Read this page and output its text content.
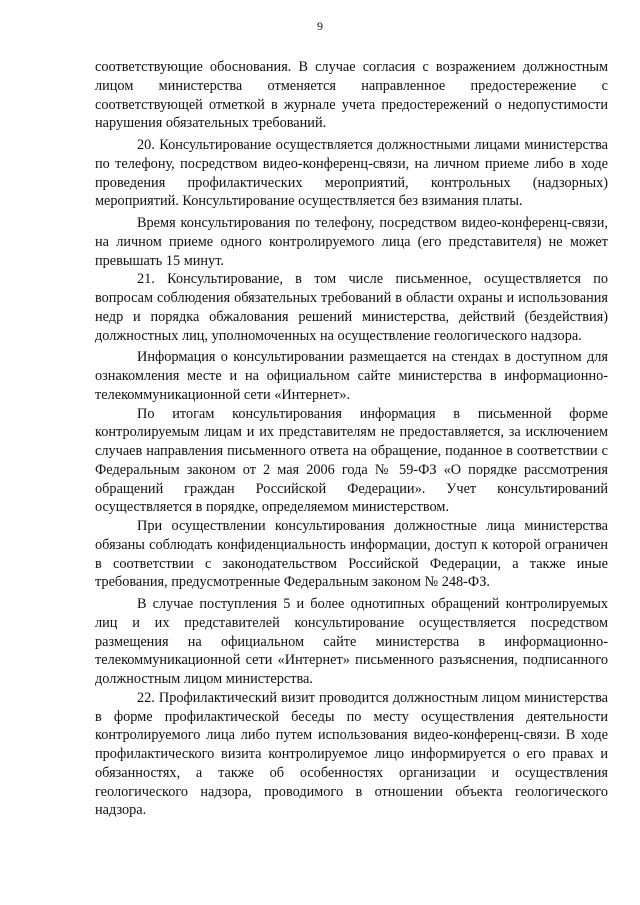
9

соответствующие обоснования. В случае согласия с возражением должностным лицом министерства отменяется направленное предостережение с соответствующей отметкой в журнале учета предостережений о недопустимости нарушения обязательных требований.

20. Консультирование осуществляется должностными лицами министерства по телефону, посредством видео-конференц-связи, на личном приеме либо в ходе проведения профилактических мероприятий, контрольных (надзорных) мероприятий. Консультирование осуществляется без взимания платы.

Время консультирования по телефону, посредством видео-конференц-связи, на личном приеме одного контролируемого лица (его представителя) не может превышать 15 минут.

21. Консультирование, в том числе письменное, осуществляется по вопросам соблюдения обязательных требований в области охраны и использования недр и порядка обжалования решений министерства, действий (бездействия) должностных лиц, уполномоченных на осуществление геологического надзора.

Информация о консультировании размещается на стендах в доступном для ознакомления месте и на официальном сайте министерства в информационно-телекоммуникационной сети «Интернет».

По итогам консультирования информация в письменной форме контролируемым лицам и их представителям не предоставляется, за исключением случаев направления письменного ответа на обращение, поданное в соответствии с Федеральным законом от 2 мая 2006 года № 59-ФЗ «О порядке рассмотрения обращений граждан Российской Федерации». Учет консультирований осуществляется в порядке, определяемом министерством.

При осуществлении консультирования должностные лица министерства обязаны соблюдать конфиденциальность информации, доступ к которой ограничен в соответствии с законодательством Российской Федерации, а также иные требования, предусмотренные Федеральным законом № 248-ФЗ.

В случае поступления 5 и более однотипных обращений контролируемых лиц и их представителей консультирование осуществляется посредством размещения на официальном сайте министерства в информационно-телекоммуникационной сети «Интернет» письменного разъяснения, подписанного должностным лицом министерства.

22. Профилактический визит проводится должностным лицом министерства в форме профилактической беседы по месту осуществления деятельности контролируемого лица либо путем использования видео-конференц-связи. В ходе профилактического визита контролируемое лицо информируется о его правах и обязанностях, а также об особенностях организации и осуществления геологического надзора, проводимого в отношении объекта геологического надзора.
